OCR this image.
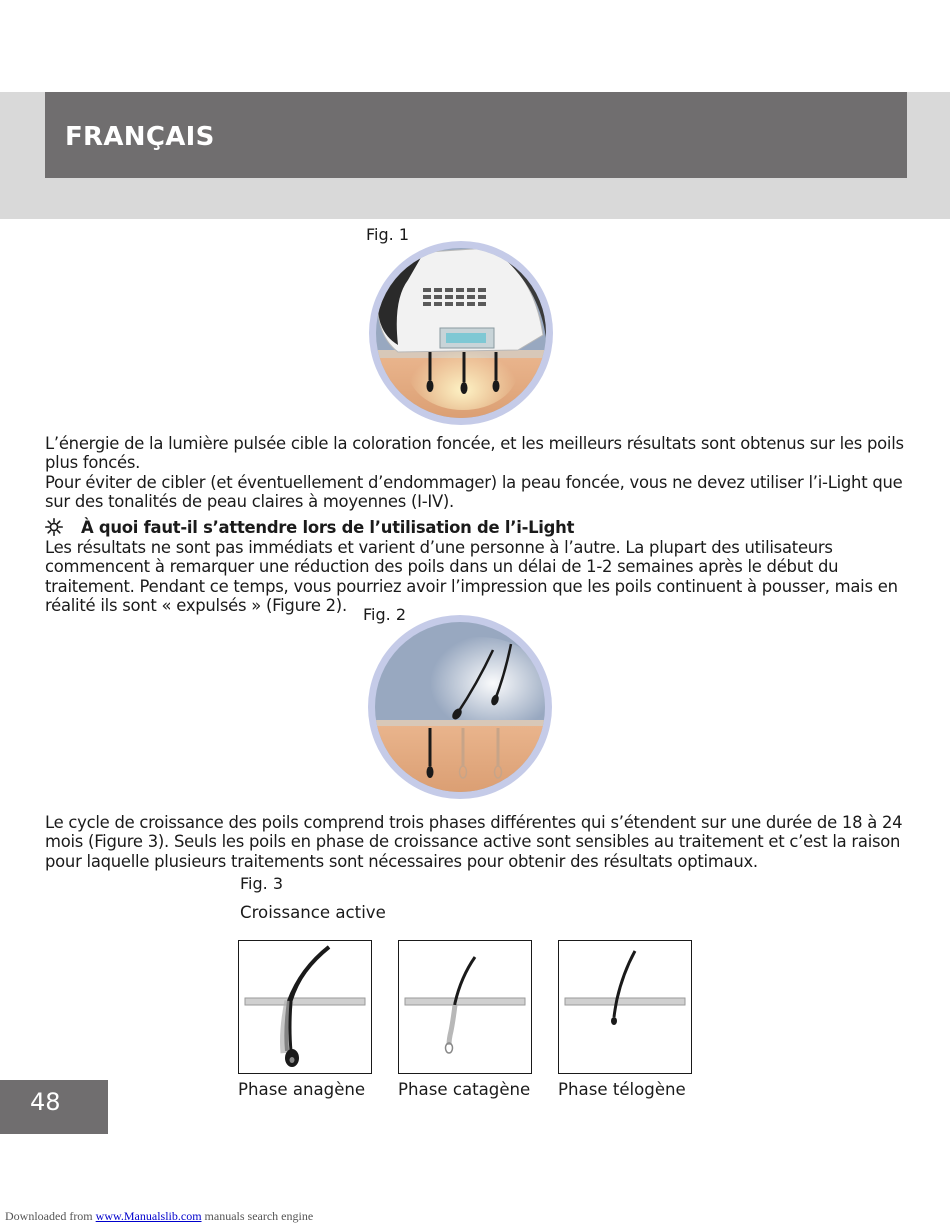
FRANÇAIS
Fig. 1
L’énergie de la lumière pulsée cible la coloration foncée, et les meilleurs résultats sont obtenus sur les poils
plus foncés.
Pour éviter de cibler (et éventuellement d’endommager) la peau foncée, vous ne devez utiliser l’i-Light que
sur des tonalités de peau claires à moyennes (I-IV).
À quoi faut-il s’attendre lors de l’utilisation de l’i-Light
Les résultats ne sont pas immédiats et varient d’une personne à l’autre. La plupart des utilisateurs
commencent à remarquer une réduction des poils dans un délai de 1-2 semaines après le début du
traitement. Pendant ce temps, vous pourriez avoir l’impression que les poils continuent à pousser, mais en
réalité ils sont « expulsés » (Figure 2).	Fig. 2
Le cycle de croissance des poils comprend trois phases différentes qui s’étendent sur une durée de 18 à 24
mois (Figure 3). Seuls les poils en phase de croissance active sont sensibles au traitement et c’est la raison
pour laquelle plusieurs traitements sont nécessaires pour obtenir des résultats optimaux.
Fig. 3
Croissance active
Phase anagène Phase catagène Phase télogène
48
Downloaded from www.Manualslib.com manuals search engine
